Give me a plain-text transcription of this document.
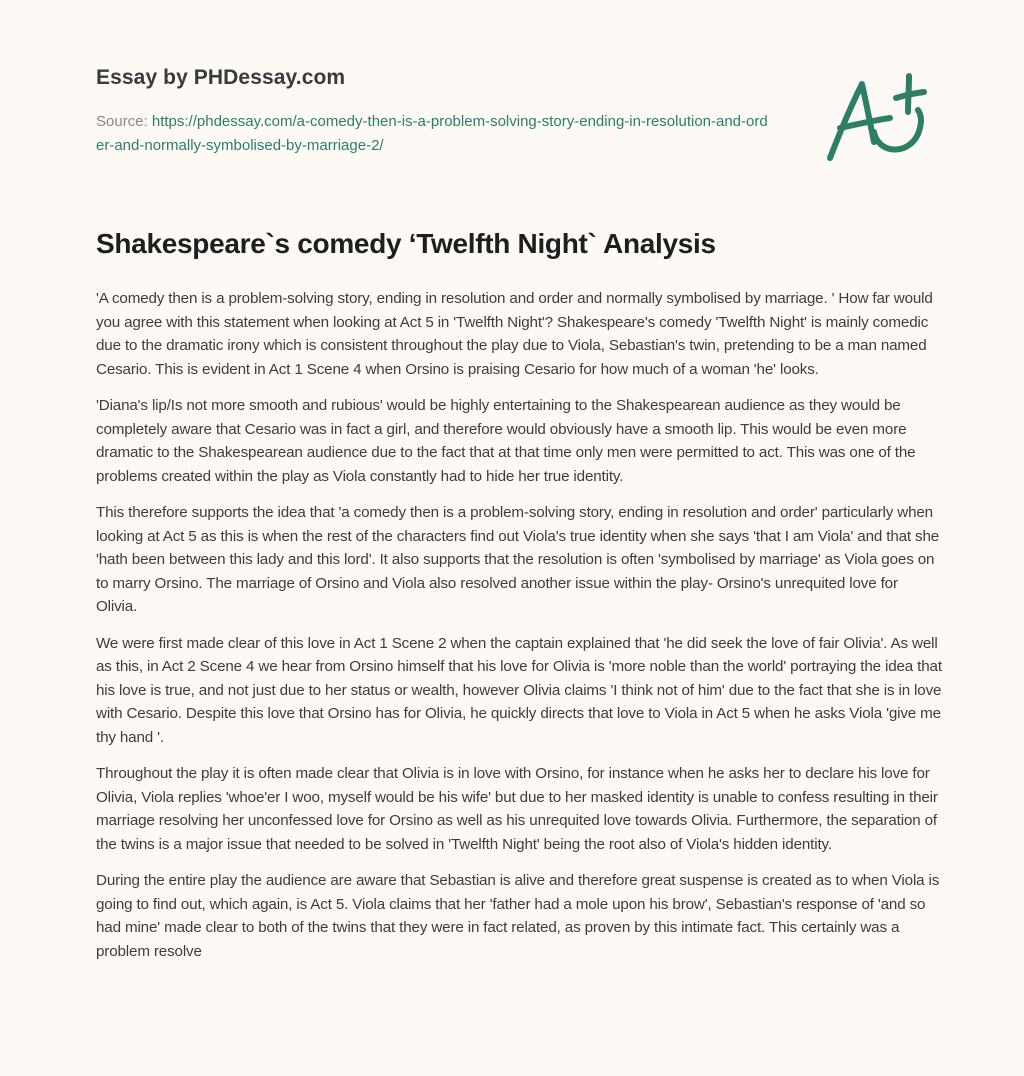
Essay by PHDessay.com
Source: https://phdessay.com/a-comedy-then-is-a-problem-solving-story-ending-in-resolution-and-order-and-normally-symbolised-by-marriage-2/
Shakespeare`s comedy ‘Twelfth Night` Analysis

'A comedy then is a problem-solving story, ending in resolution and order and normally symbolised by marriage. ' How far would you agree with this statement when looking at Act 5 in 'Twelfth Night'? Shakespeare's comedy 'Twelfth Night' is mainly comedic due to the dramatic irony which is consistent throughout the play due to Viola, Sebastian's twin, pretending to be a man named Cesario. This is evident in Act 1 Scene 4 when Orsino is praising Cesario for how much of a woman 'he' looks.

'Diana's lip/Is not more smooth and rubious' would be highly entertaining to the Shakespearean audience as they would be completely aware that Cesario was in fact a girl, and therefore would obviously have a smooth lip. This would be even more dramatic to the Shakespearean audience due to the fact that at that time only men were permitted to act. This was one of the problems created within the play as Viola constantly had to hide her true identity.

This therefore supports the idea that 'a comedy then is a problem-solving story, ending in resolution and order' particularly when looking at Act 5 as this is when the rest of the characters find out Viola's true identity when she says 'that I am Viola' and that she 'hath been between this lady and this lord'. It also supports that the resolution is often 'symbolised by marriage' as Viola goes on to marry Orsino. The marriage of Orsino and Viola also resolved another issue within the play- Orsino's unrequited love for Olivia.

We were first made clear of this love in Act 1 Scene 2 when the captain explained that 'he did seek the love of fair Olivia'. As well as this, in Act 2 Scene 4 we hear from Orsino himself that his love for Olivia is 'more noble than the world' portraying the idea that his love is true, and not just due to her status or wealth, however Olivia claims 'I think not of him' due to the fact that she is in love with Cesario. Despite this love that Orsino has for Olivia, he quickly directs that love to Viola in Act 5 when he asks Viola 'give me thy hand '.

Throughout the play it is often made clear that Olivia is in love with Orsino, for instance when he asks her to declare his love for Olivia, Viola replies 'whoe'er I woo, myself would be his wife' but due to her masked identity is unable to confess resulting in their marriage resolving her unconfessed love for Orsino as well as his unrequited love towards Olivia. Furthermore, the separation of the twins is a major issue that needed to be solved in 'Twelfth Night' being the root also of Viola's hidden identity.

During the entire play the audience are aware that Sebastian is alive and therefore great suspense is created as to when Viola is going to find out, which again, is Act 5. Viola claims that her 'father had a mole upon his brow', Sebastian's response of 'and so had mine' made clear to both of the twins that they were in fact related, as proven by this intimate fact. This certainly was a problem resolve
